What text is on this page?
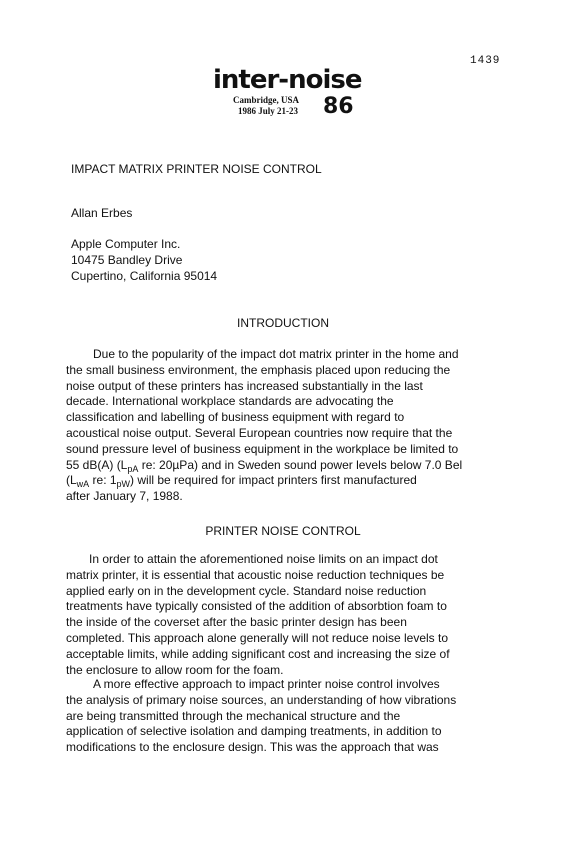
1439
inter-noise
Cambridge, USA
1986 July 21-23 86
IMPACT MATRIX PRINTER NOISE CONTROL
Allan Erbes
Apple Computer Inc.
10475 Bandley Drive
Cupertino, California 95014
INTRODUCTION
Due to the popularity of the impact dot matrix printer in the home and
the small business environment, the emphasis placed upon reducing the
noise output of these printers has increased substantially in the last
decade. International workplace standards are advocating the
classification and labelling of business equipment with regard to
acoustical noise output. Several European countries now require that the
sound pressure level of business equipment in the workplace be limited to
55 dB(A) ($L_{pA}$ re: 20µPa) and in Sweden sound power levels below 7.0 Bel
($L_{wA}$ re: $1_{pW}$) will be required for impact printers first manufactured
after January 7, 1988.
PRINTER NOISE CONTROL
In order to attain the aforementioned noise limits on an impact dot
matrix printer, it is essential that acoustic noise reduction techniques be
applied early on in the development cycle. Standard noise reduction
treatments have typically consisted of the addition of absorbtion foam to
the inside of the coverset after the basic printer design has been
completed. This approach alone generally will not reduce noise levels to
acceptable limits, while adding significant cost and increasing the size of
the enclosure to allow room for the foam.
A more effective approach to impact printer noise control involves
the analysis of primary noise sources, an understanding of how vibrations
are being transmitted through the mechanical structure and the
application of selective isolation and damping treatments, in addition to
modifications to the enclosure design. This was the approach that was
